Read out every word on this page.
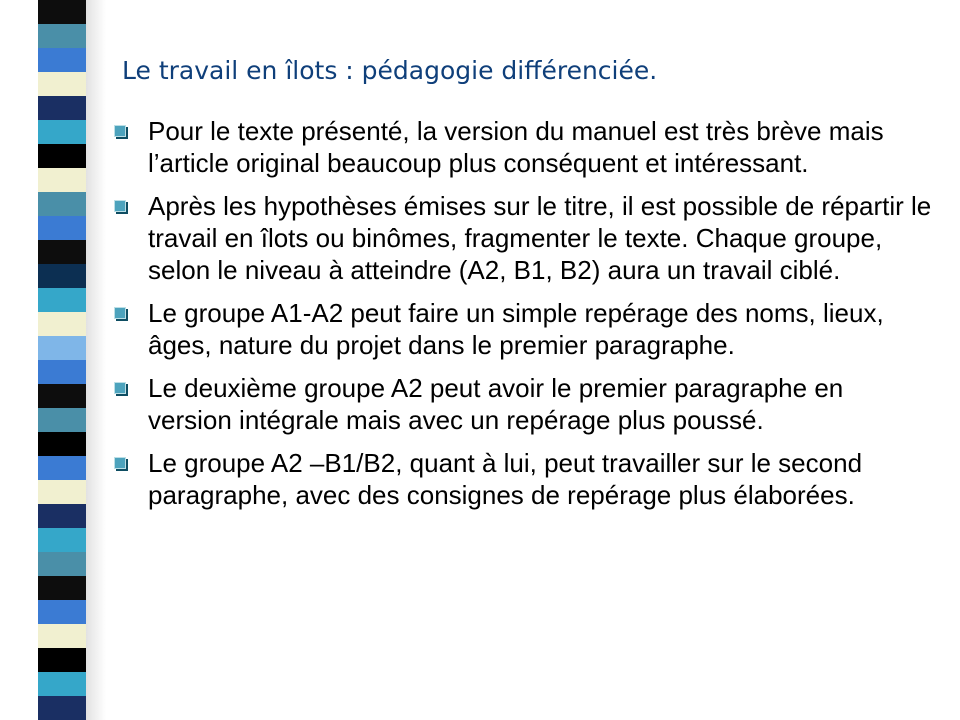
Le travail en îlots : pédagogie différenciée.
Pour le texte présenté, la version du manuel est très brève mais l’article original beaucoup plus conséquent et intéressant.
Après les hypothèses émises sur le titre, il est possible de répartir le travail en îlots ou binômes, fragmenter le texte. Chaque groupe, selon le niveau à atteindre (A2, B1, B2) aura un travail ciblé.
Le groupe A1-A2 peut faire un simple repérage des noms, lieux, âges, nature du projet dans le premier paragraphe.
Le deuxième groupe A2 peut avoir le premier paragraphe en version intégrale mais avec un repérage plus poussé.
Le groupe A2 –B1/B2, quant à lui, peut travailler sur le second paragraphe, avec des consignes de repérage plus élaborées.
